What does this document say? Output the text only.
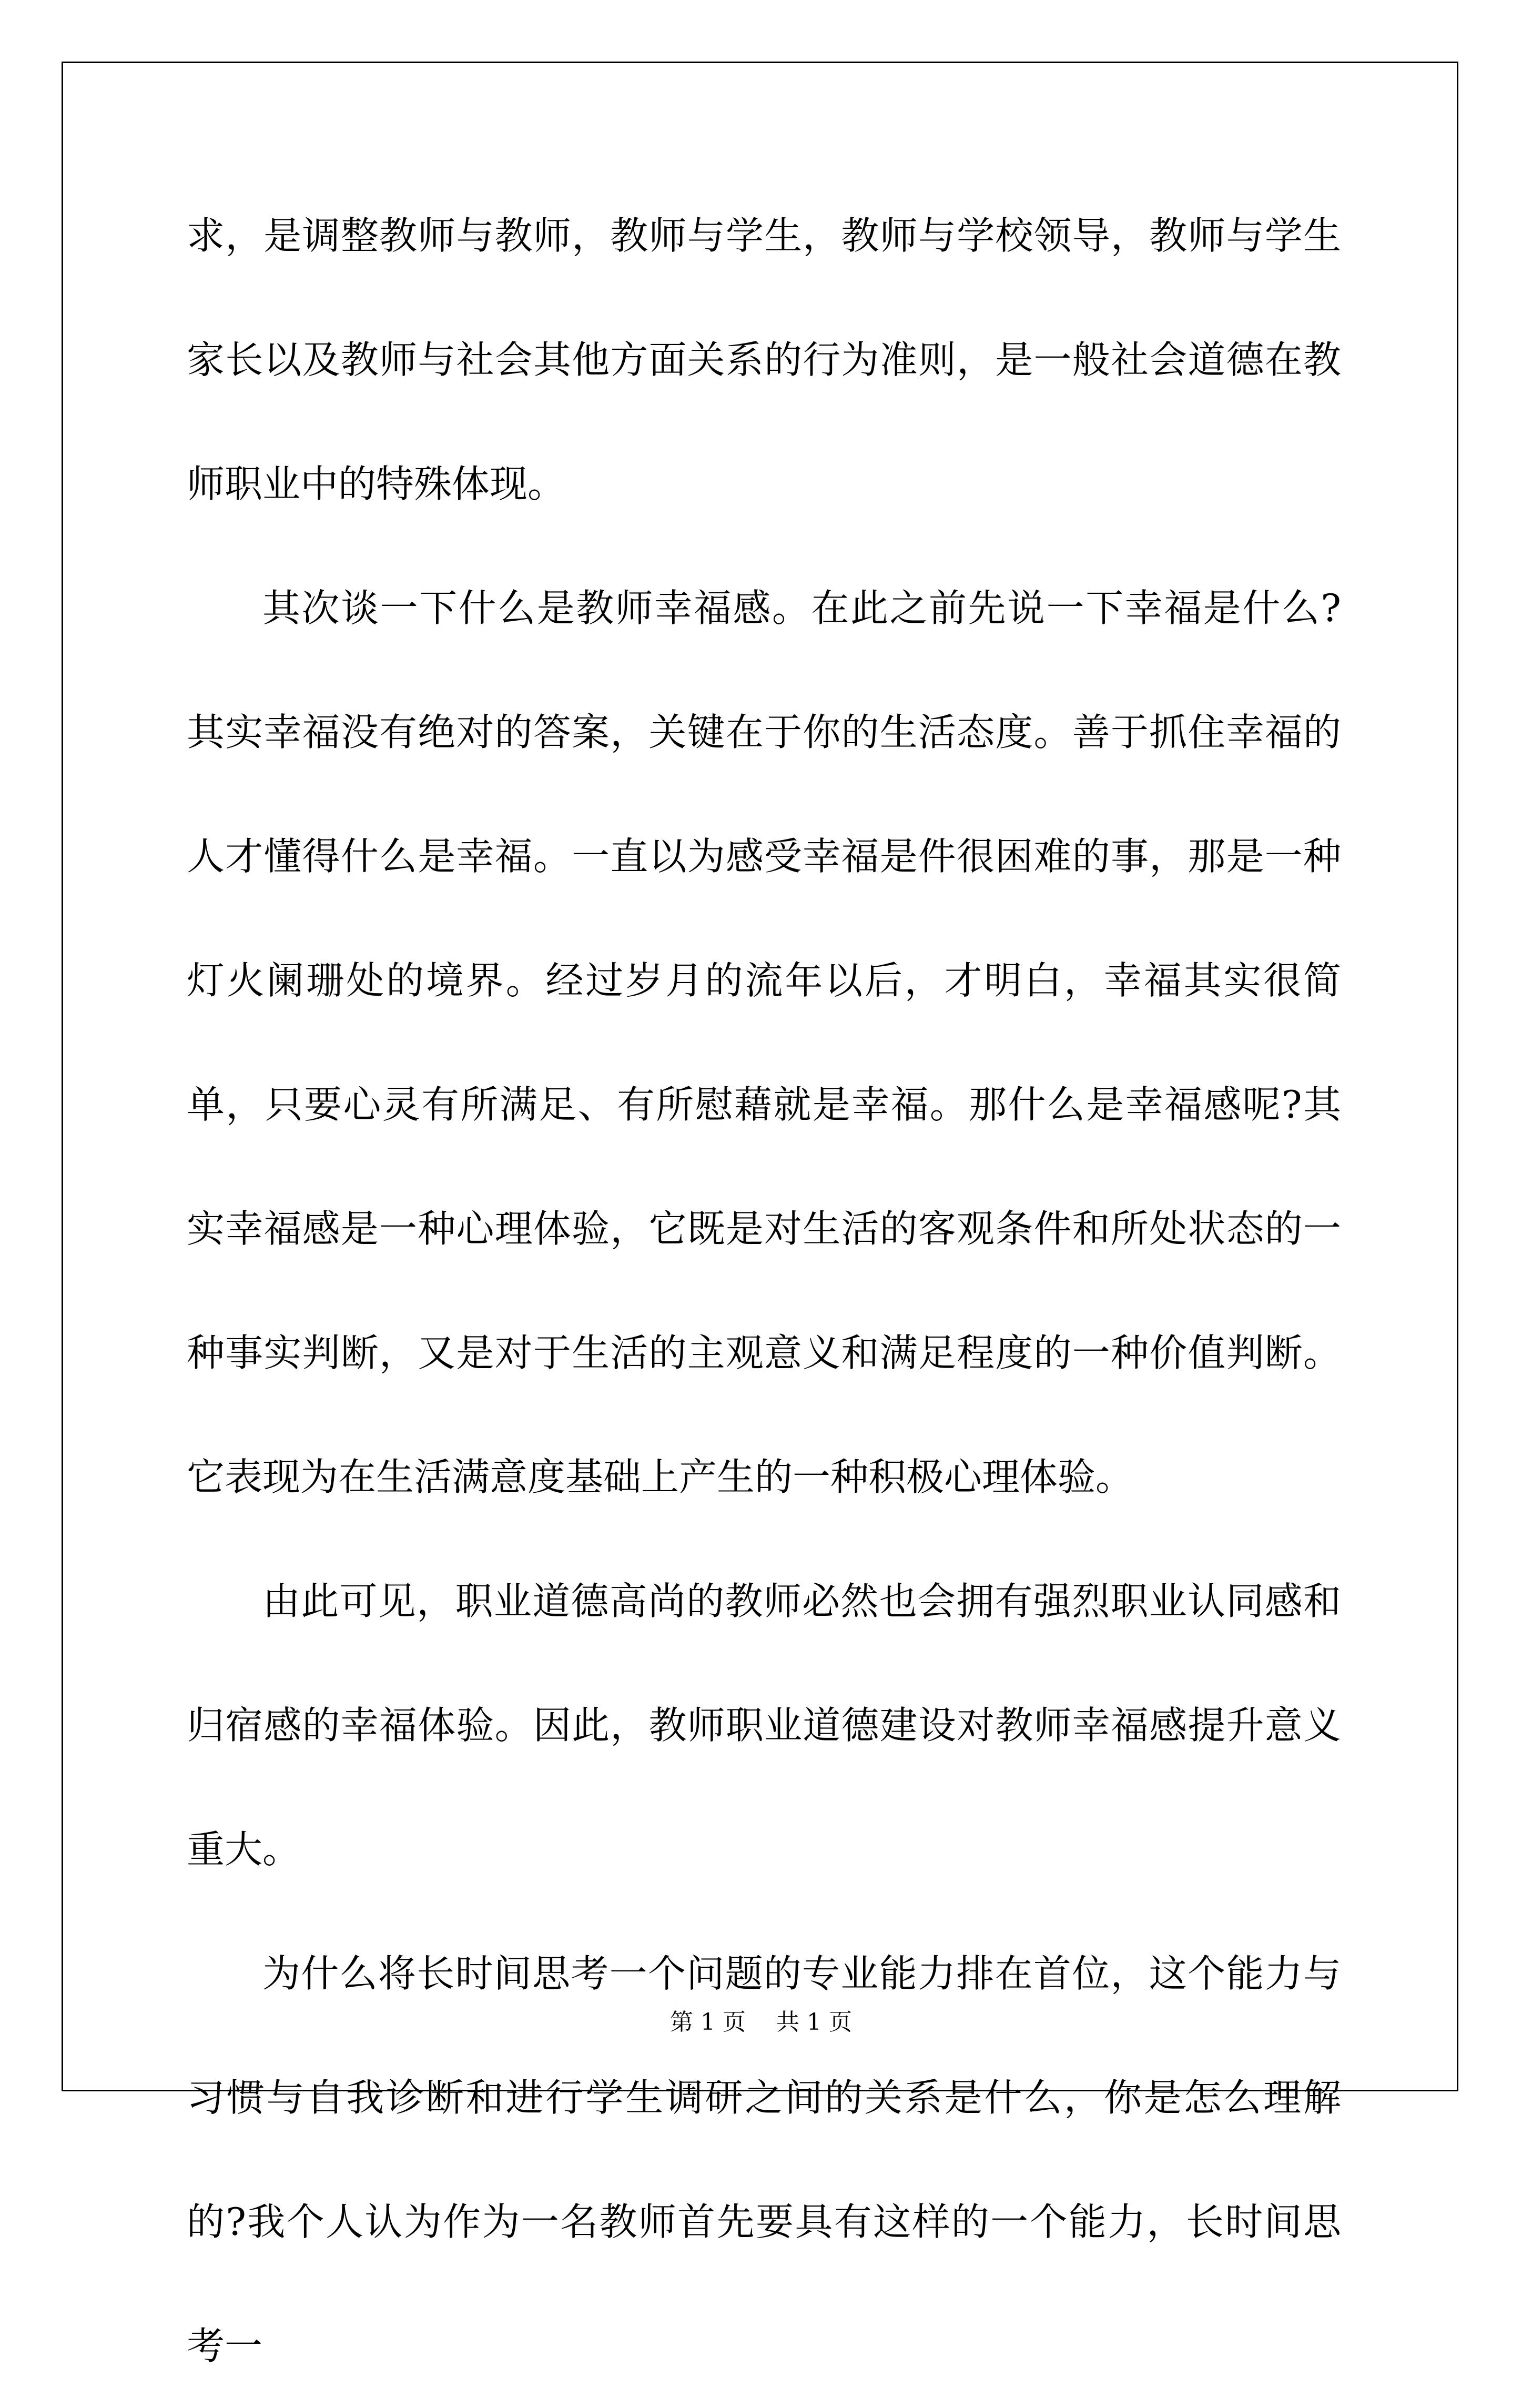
求，是调整教师与教师，教师与学生，教师与学校领导，教师与学生家长以及教师与社会其他方面关系的行为准则，是一般社会道德在教师职业中的特殊体现。

其次谈一下什么是教师幸福感。在此之前先说一下幸福是什么?其实幸福没有绝对的答案，关键在于你的生活态度。善于抓住幸福的人才懂得什么是幸福。一直以为感受幸福是件很困难的事，那是一种灯火阑珊处的境界。经过岁月的流年以后，才明白，幸福其实很简单，只要心灵有所满足、有所慰藉就是幸福。那什么是幸福感呢?其实幸福感是一种心理体验，它既是对生活的客观条件和所处状态的一种事实判断，又是对于生活的主观意义和满足程度的一种价值判断。它表现为在生活满意度基础上产生的一种积极心理体验。

由此可见，职业道德高尚的教师必然也会拥有强烈职业认同感和归宿感的幸福体验。因此，教师职业道德建设对教师幸福感提升意义重大。

为什么将长时间思考一个问题的专业能力排在首位，这个能力与习惯与自我诊断和进行学生调研之间的关系是什么，你是怎么理解的?我个人认为作为一名教师首先要具有这样的一个能力，长时间思考一

第 1 页　 共 1 页
